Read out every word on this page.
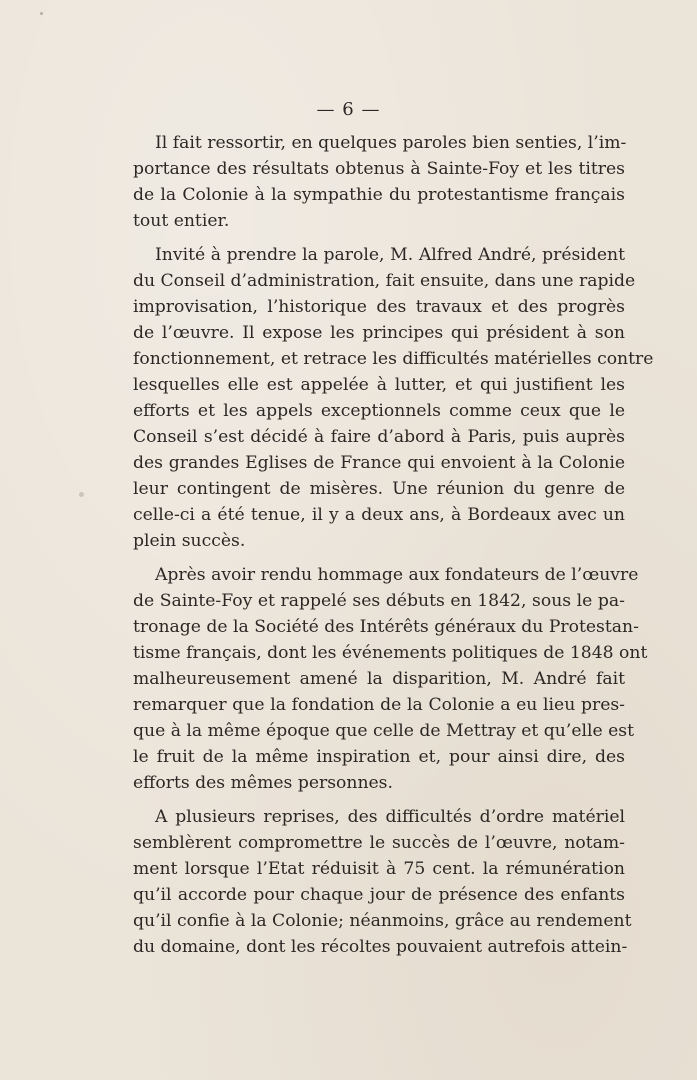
— 6 —
Il fait ressortir, en quelques paroles bien senties, l’im-
portance des résultats obtenus à Sainte-Foy et les titres
de la Colonie à la sympathie du protestantisme français
tout entier.
Invité à prendre la parole, M. Alfred André, président
du Conseil d’administration, fait ensuite, dans une rapide
improvisation, l’historique des travaux et des progrès
de l’œuvre. Il expose les principes qui président à son
fonctionnement, et retrace les difficultés matérielles contre
lesquelles elle est appelée à lutter, et qui justifient les
efforts et les appels exceptionnels comme ceux que le
Conseil s’est décidé à faire d’abord à Paris, puis auprès
des grandes Eglises de France qui envoient à la Colonie
leur contingent de misères. Une réunion du genre de
celle-ci a été tenue, il y a deux ans, à Bordeaux avec un
plein succès.
Après avoir rendu hommage aux fondateurs de l’œuvre
de Sainte-Foy et rappelé ses débuts en 1842, sous le pa-
tronage de la Société des Intérêts généraux du Protestan-
tisme français, dont les événements politiques de 1848 ont
malheureusement amené la disparition, M. André fait
remarquer que la fondation de la Colonie a eu lieu pres-
que à la même époque que celle de Mettray et qu’elle est
le fruit de la même inspiration et, pour ainsi dire, des
efforts des mêmes personnes.
A plusieurs reprises, des difficultés d’ordre matériel
semblèrent compromettre le succès de l’œuvre, notam-
ment lorsque l’Etat réduisit à 75 cent. la rémunération
qu’il accorde pour chaque jour de présence des enfants
qu’il confie à la Colonie; néanmoins, grâce au rendement
du domaine, dont les récoltes pouvaient autrefois attein-
